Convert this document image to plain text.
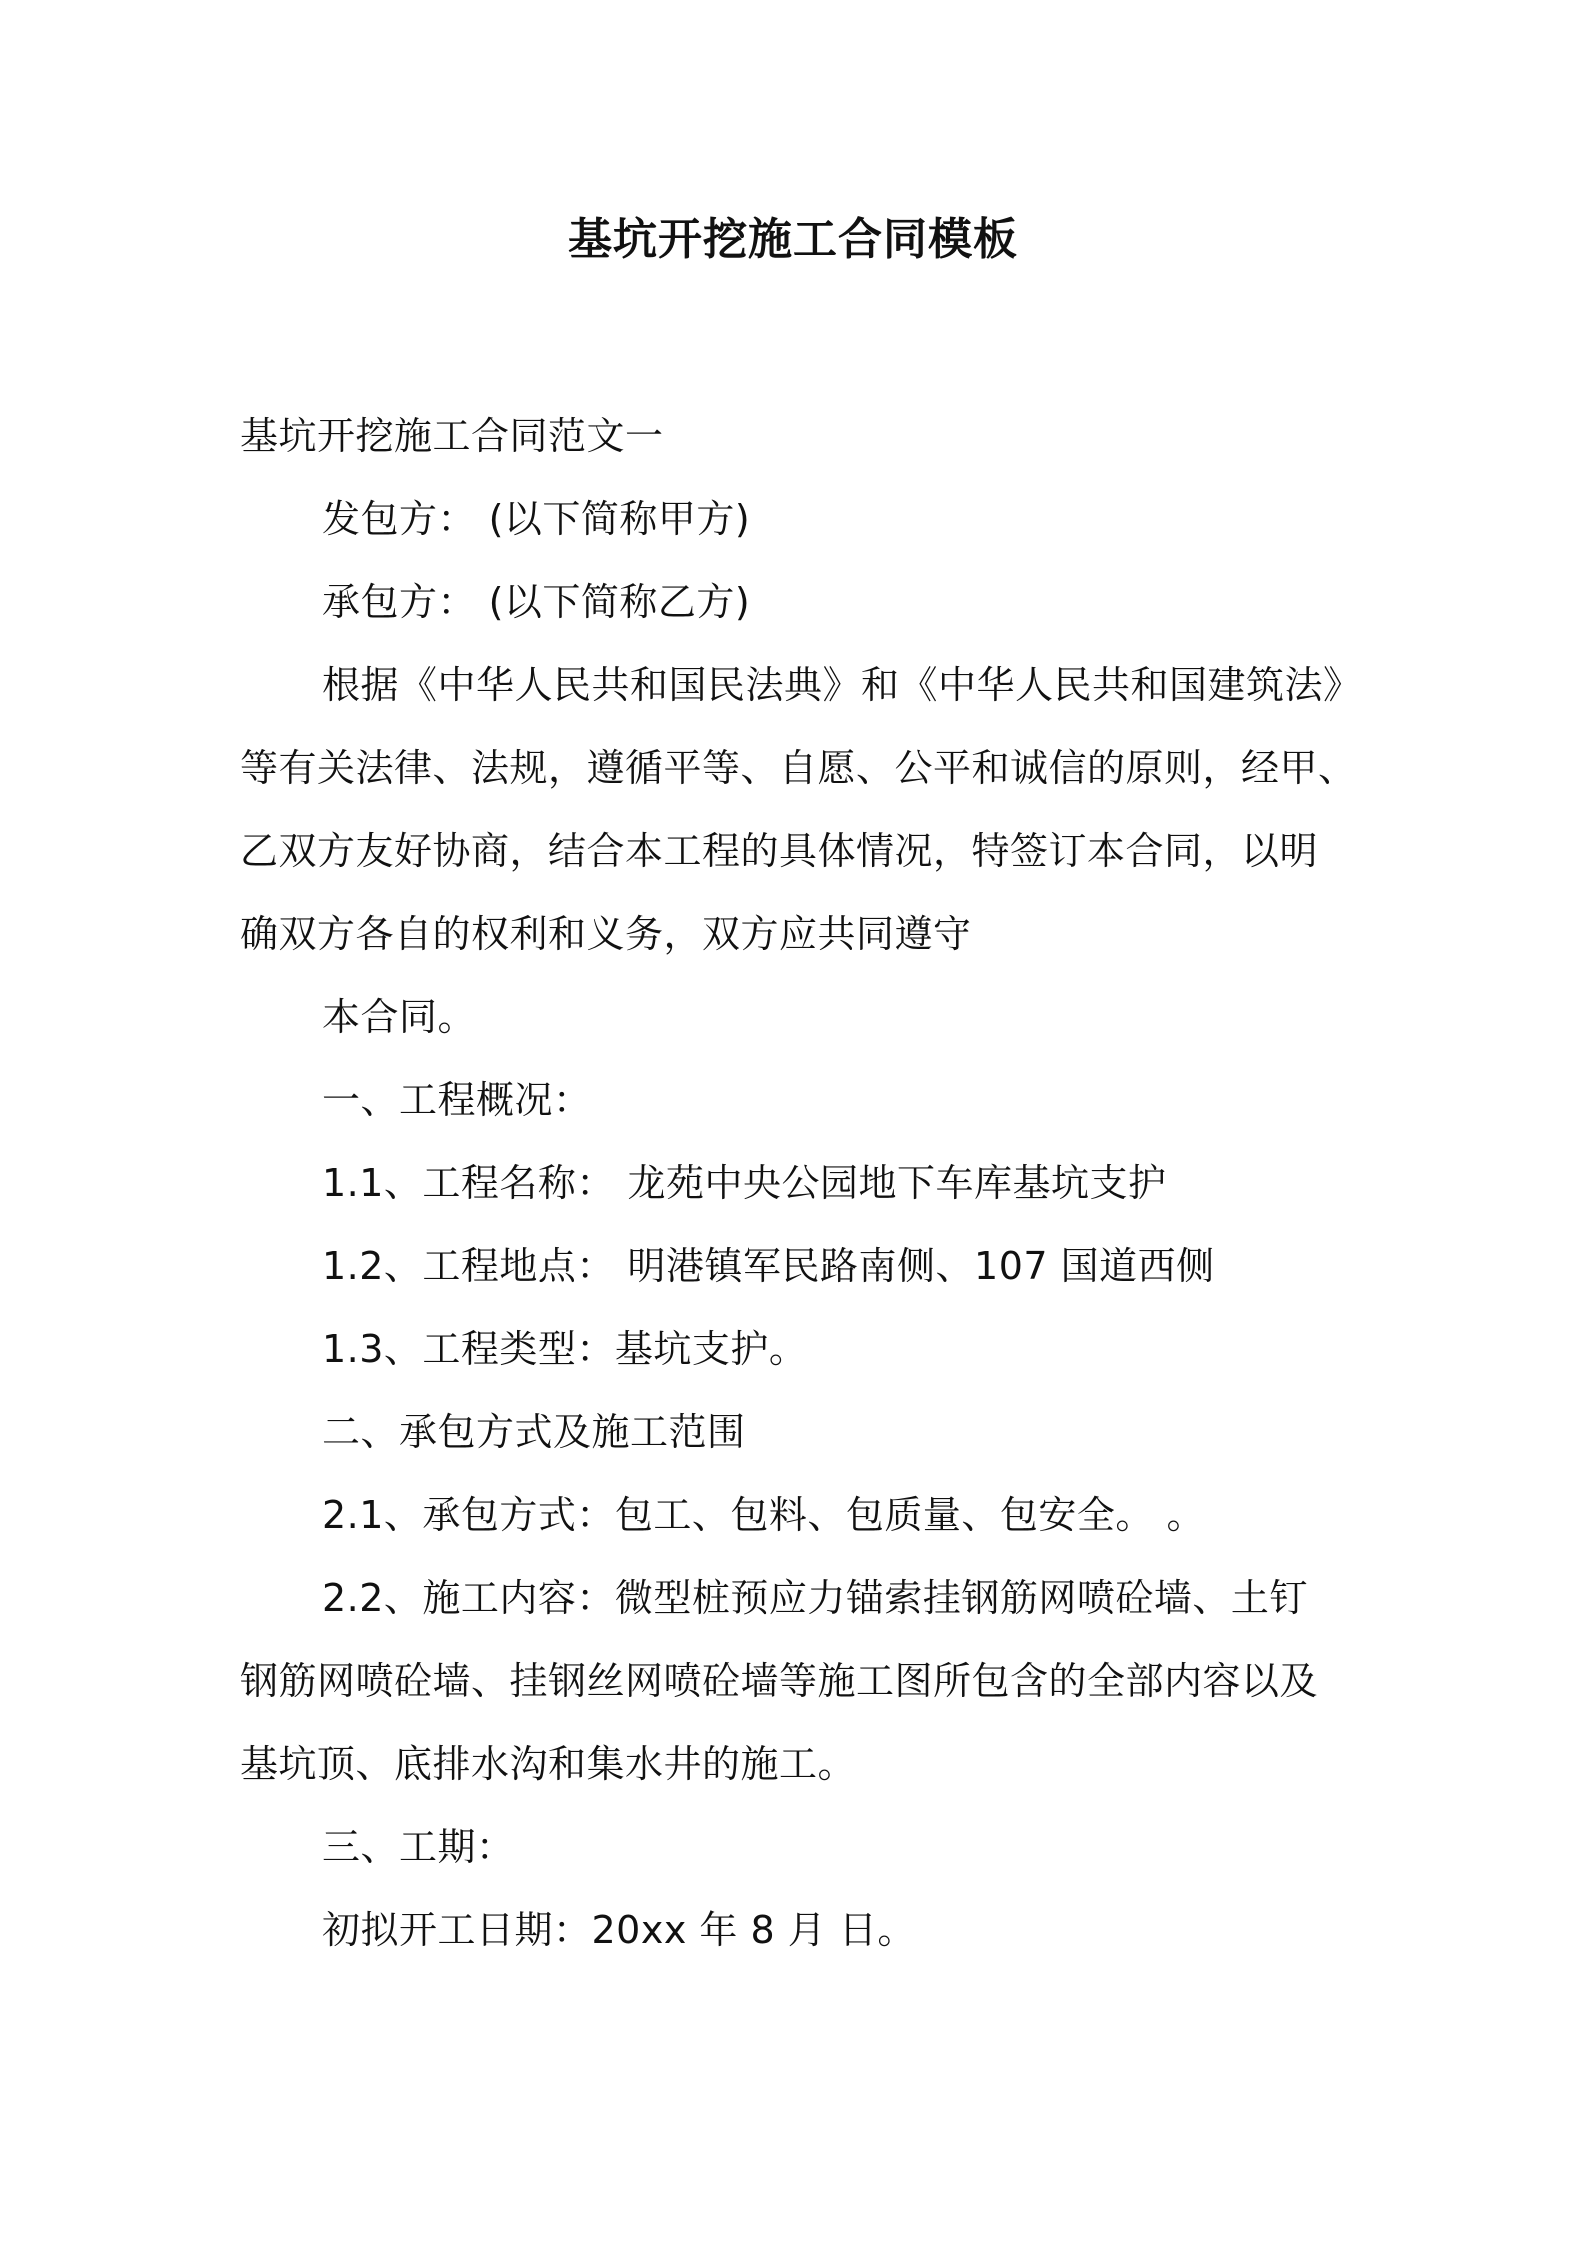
基坑开挖施工合同模板
基坑开挖施工合同范文一
发包方： (以下简称甲方)
承包方： (以下简称乙方)
根据《中华人民共和国民法典》和《中华人民共和国建筑法》
等有关法律、法规，遵循平等、自愿、公平和诚信的原则，经甲、
乙双方友好协商，结合本工程的具体情况，特签订本合同，以明
确双方各自的权利和义务，双方应共同遵守
本合同。
一、工程概况：
1.1、工程名称： 龙苑中央公园地下车库基坑支护
1.2、工程地点： 明港镇军民路南侧、107 国道西侧
1.3、工程类型：基坑支护。
二、承包方式及施工范围
2.1、承包方式：包工、包料、包质量、包安全。 。
2.2、施工内容：微型桩预应力锚索挂钢筋网喷砼墙、土钉
钢筋网喷砼墙、挂钢丝网喷砼墙等施工图所包含的全部内容以及
基坑顶、底排水沟和集水井的施工。
三、工期：
初拟开工日期：20xx 年 8 月 日。
